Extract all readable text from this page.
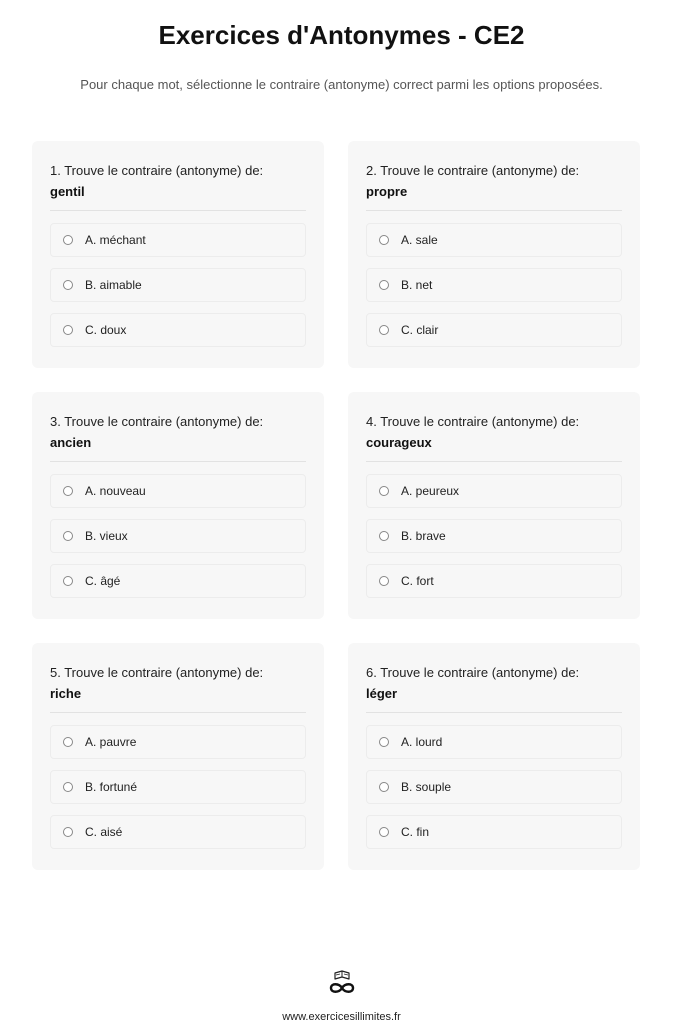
Exercices d'Antonymes - CE2
Pour chaque mot, sélectionne le contraire (antonyme) correct parmi les options proposées.
1. Trouve le contraire (antonyme) de:
gentil
A. méchant
B. aimable
C. doux
2. Trouve le contraire (antonyme) de:
propre
A. sale
B. net
C. clair
3. Trouve le contraire (antonyme) de:
ancien
A. nouveau
B. vieux
C. âgé
4. Trouve le contraire (antonyme) de:
courageux
A. peureux
B. brave
C. fort
5. Trouve le contraire (antonyme) de:
riche
A. pauvre
B. fortuné
C. aisé
6. Trouve le contraire (antonyme) de:
léger
A. lourd
B. souple
C. fin
www.exercicesillimites.fr
